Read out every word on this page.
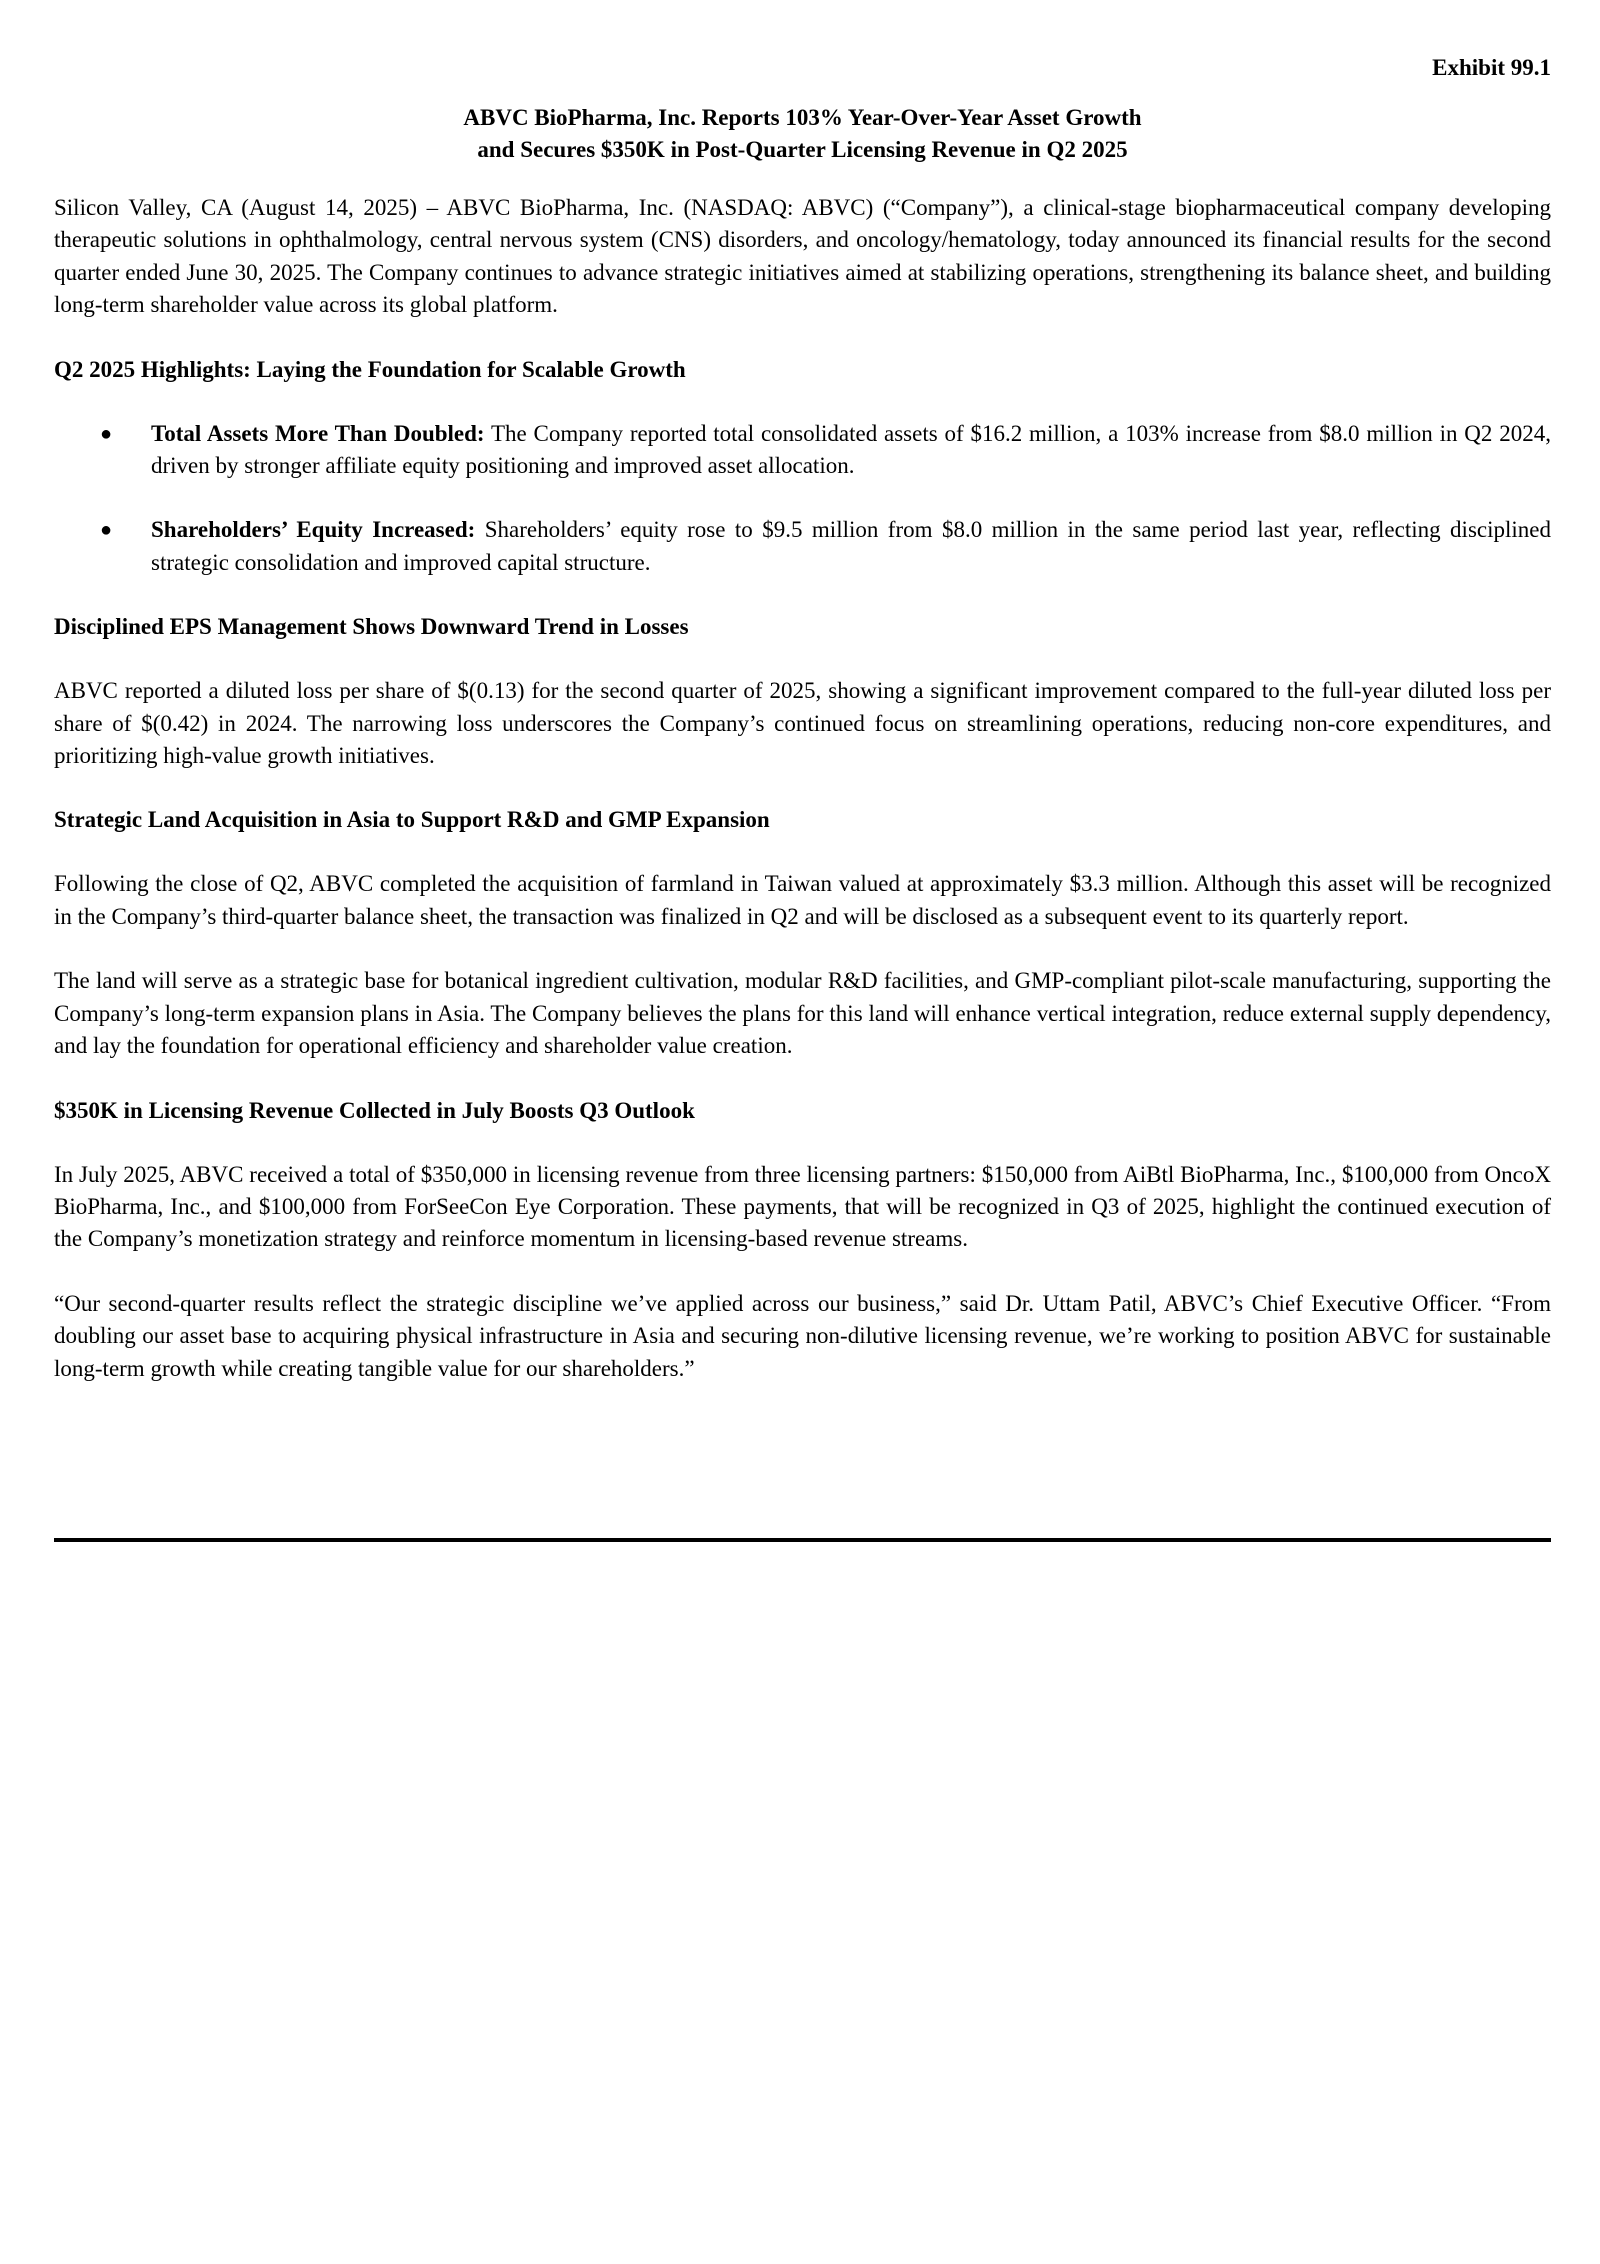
Exhibit 99.1
ABVC BioPharma, Inc. Reports 103% Year-Over-Year Asset Growth
and Secures $350K in Post-Quarter Licensing Revenue in Q2 2025

Silicon Valley, CA (August 14, 2025) – ABVC BioPharma, Inc. (NASDAQ: ABVC) (“Company”), a clinical-stage biopharmaceutical company developing therapeutic solutions in ophthalmology, central nervous system (CNS) disorders, and oncology/hematology, today announced its financial results for the second quarter ended June 30, 2025. The Company continues to advance strategic initiatives aimed at stabilizing operations, strengthening its balance sheet, and building long-term shareholder value across its global platform.

Q2 2025 Highlights: Laying the Foundation for Scalable Growth
● Total Assets More Than Doubled: The Company reported total consolidated assets of $16.2 million, a 103% increase from $8.0 million in Q2 2024, driven by stronger affiliate equity positioning and improved asset allocation.
● Shareholders’ Equity Increased: Shareholders’ equity rose to $9.5 million from $8.0 million in the same period last year, reflecting disciplined strategic consolidation and improved capital structure.
Disciplined EPS Management Shows Downward Trend in Losses

ABVC reported a diluted loss per share of $(0.13) for the second quarter of 2025, showing a significant improvement compared to the full-year diluted loss per share of $(0.42) in 2024. The narrowing loss underscores the Company’s continued focus on streamlining operations, reducing non-core expenditures, and prioritizing high-value growth initiatives.

Strategic Land Acquisition in Asia to Support R&D and GMP Expansion

Following the close of Q2, ABVC completed the acquisition of farmland in Taiwan valued at approximately $3.3 million. Although this asset will be recognized in the Company’s third-quarter balance sheet, the transaction was finalized in Q2 and will be disclosed as a subsequent event to its quarterly report.

The land will serve as a strategic base for botanical ingredient cultivation, modular R&D facilities, and GMP-compliant pilot-scale manufacturing, supporting the Company’s long-term expansion plans in Asia. The Company believes the plans for this land will enhance vertical integration, reduce external supply dependency, and lay the foundation for operational efficiency and shareholder value creation.

$350K in Licensing Revenue Collected in July Boosts Q3 Outlook

In July 2025, ABVC received a total of $350,000 in licensing revenue from three licensing partners: $150,000 from AiBtl BioPharma, Inc., $100,000 from OncoX BioPharma, Inc., and $100,000 from ForSeeCon Eye Corporation. These payments, that will be recognized in Q3 of 2025, highlight the continued execution of the Company’s monetization strategy and reinforce momentum in licensing-based revenue streams.

“Our second-quarter results reflect the strategic discipline we’ve applied across our business,” said Dr. Uttam Patil, ABVC’s Chief Executive Officer. “From doubling our asset base to acquiring physical infrastructure in Asia and securing non-dilutive licensing revenue, we’re working to position ABVC for sustainable long-term growth while creating tangible value for our shareholders.”
